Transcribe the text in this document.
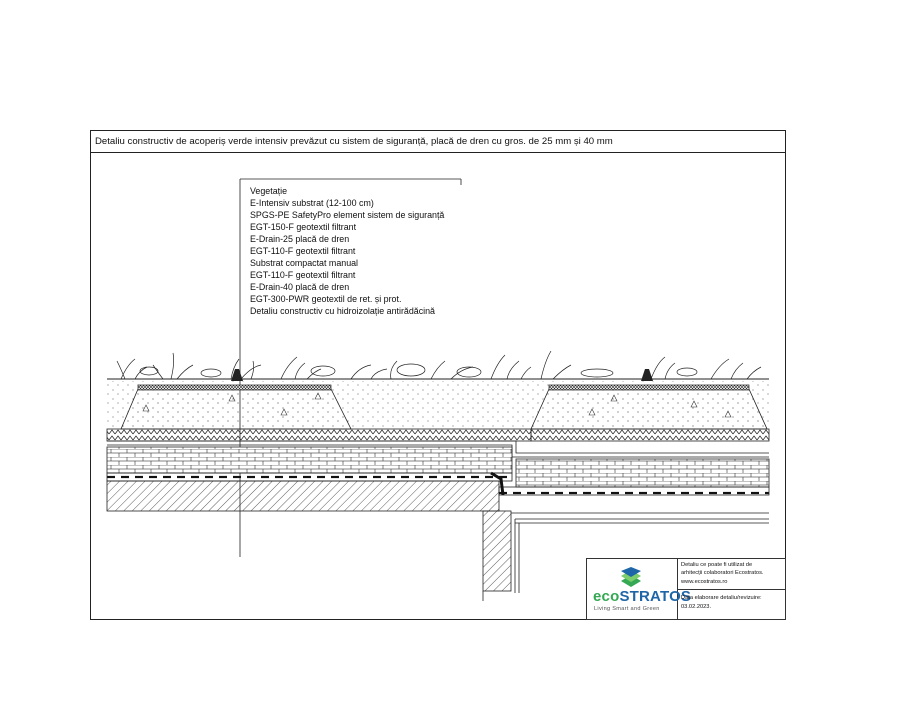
Detaliu constructiv de acoperiș verde intensiv prevăzut cu sistem de siguranță, placă de dren cu gros. de 25 mm și 40 mm
Vegetație
E-Intensiv substrat (12-100 cm)
SPGS-PE SafetyPro element sistem de siguranță
EGT-150-F geotextil filtrant
E-Drain-25 placă de dren
EGT-110-F geotextil filtrant
Substrat compactat manual
EGT-110-F geotextil filtrant
E-Drain-40 placă de dren
EGT-300-PWR geotextil de ret. și prot.
Detaliu constructiv cu hidroizolație antirădăcină
ecoSTRATOS
Living Smart and Green
Detaliu ce poate fi utilizat de
arhitecții colaboratori Ecostratos.
www.ecostratos.ro
Data elaborare detaliu/revizuire:
03.02.2023.
